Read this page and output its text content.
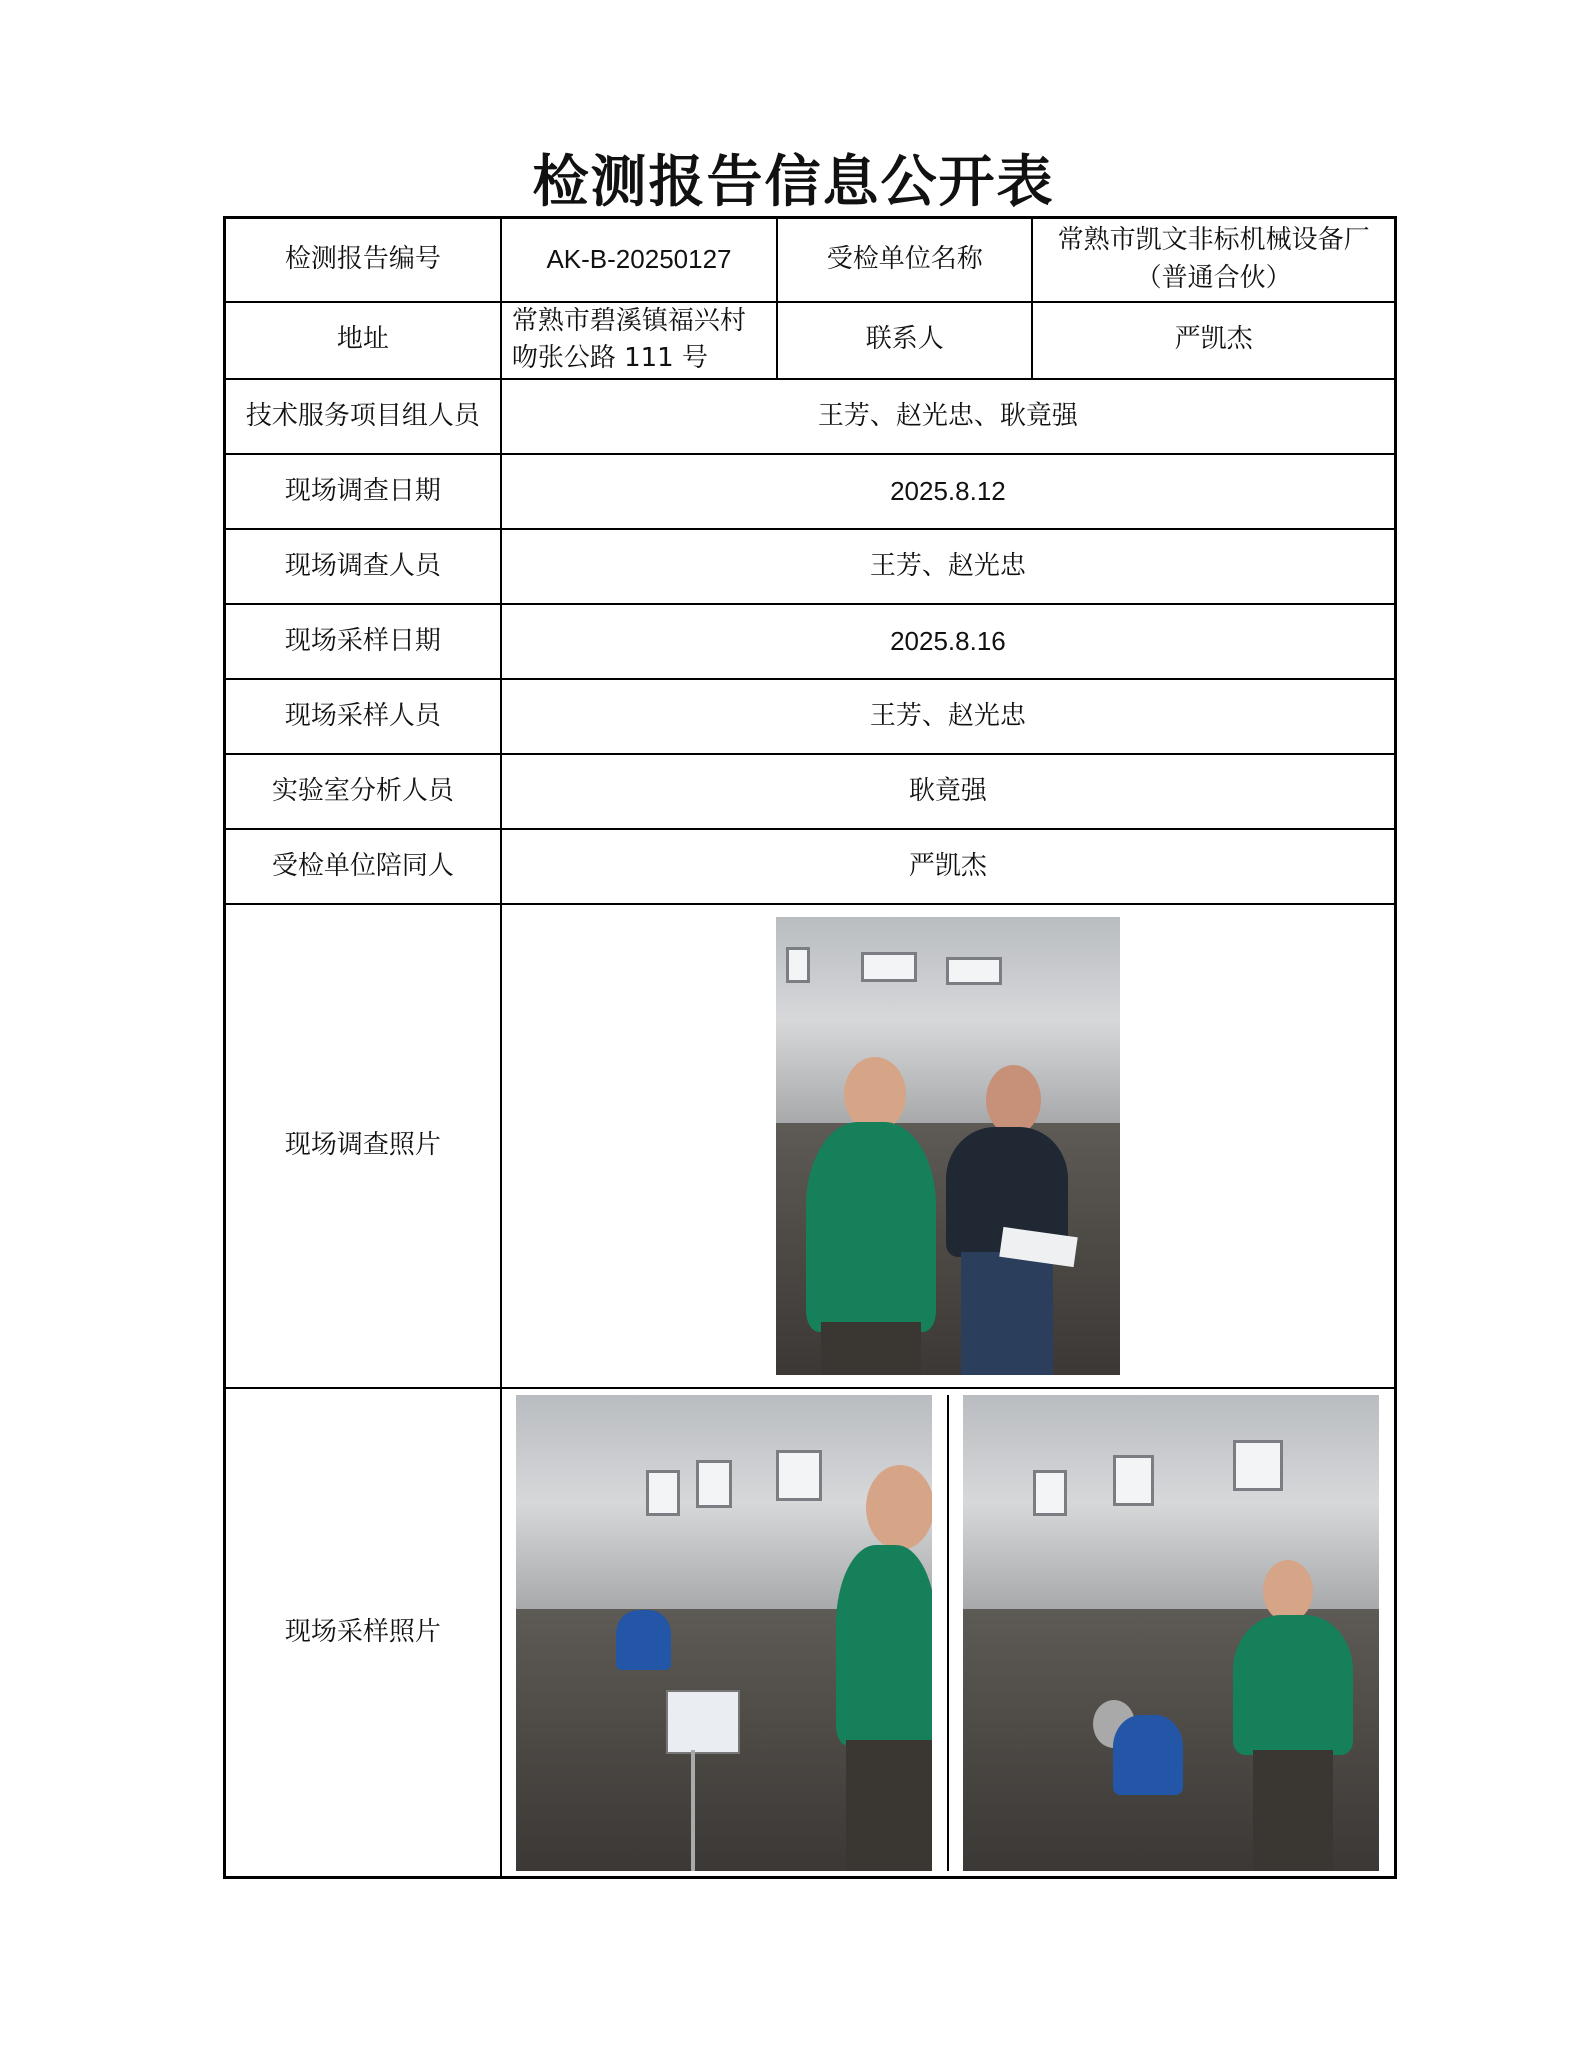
检测报告信息公开表
检测报告编号	AK-B-20250127	受检单位名称	常熟市凯文非标机械设备厂（普通合伙）
地址	常熟市碧溪镇福兴村吻张公路 111 号	联系人	严凯杰
技术服务项目组人员	王芳、赵光忠、耿竟强		
现场调查日期	2025.8.12		
现场调查人员	王芳、赵光忠		
现场采样日期	2025.8.16		
现场采样人员	王芳、赵光忠		
实验室分析人员	耿竟强		
受检单位陪同人	严凯杰		
现场调查照片			

现场采样照片			
